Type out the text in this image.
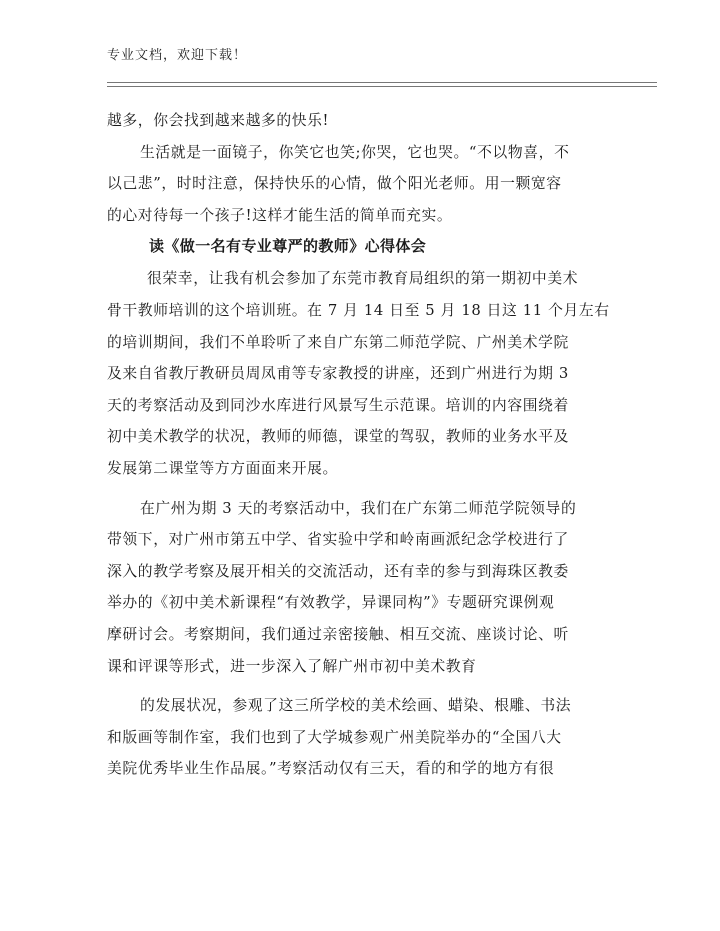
专业文档，欢迎下载！
越多，你会找到越来越多的快乐!
生活就是一面镜子，你笑它也笑;你哭，它也哭。“不以物喜，不
以己悲”，时时注意，保持快乐的心情，做个阳光老师。用一颗宽容
的心对待每一个孩子!这样才能生活的简单而充实。
读《做一名有专业尊严的教师》心得体会
很荣幸，让我有机会参加了东莞市教育局组织的第一期初中美术
骨干教师培训的这个培训班。在 7 月 14 日至 5 月 18 日这 11 个月左右
的培训期间，我们不单聆听了来自广东第二师范学院、广州美术学院
及来自省教厅教研员周凤甫等专家教授的讲座，还到广州进行为期 3
天的考察活动及到同沙水库进行风景写生示范课。培训的内容围绕着
初中美术教学的状况，教师的师德，课堂的驾驭，教师的业务水平及
发展第二课堂等方方面面来开展。
在广州为期 3 天的考察活动中，我们在广东第二师范学院领导的
带领下，对广州市第五中学、省实验中学和岭南画派纪念学校进行了
深入的教学考察及展开相关的交流活动，还有幸的参与到海珠区教委
举办的《初中美术新课程“有效教学，异课同构”》专题研究课例观
摩研讨会。考察期间，我们通过亲密接触、相互交流、座谈讨论、听
课和评课等形式，进一步深入了解广州市初中美术教育
的发展状况，参观了这三所学校的美术绘画、蜡染、根雕、书法
和版画等制作室，我们也到了大学城参观广州美院举办的“全国八大
美院优秀毕业生作品展。”考察活动仅有三天，看的和学的地方有很
